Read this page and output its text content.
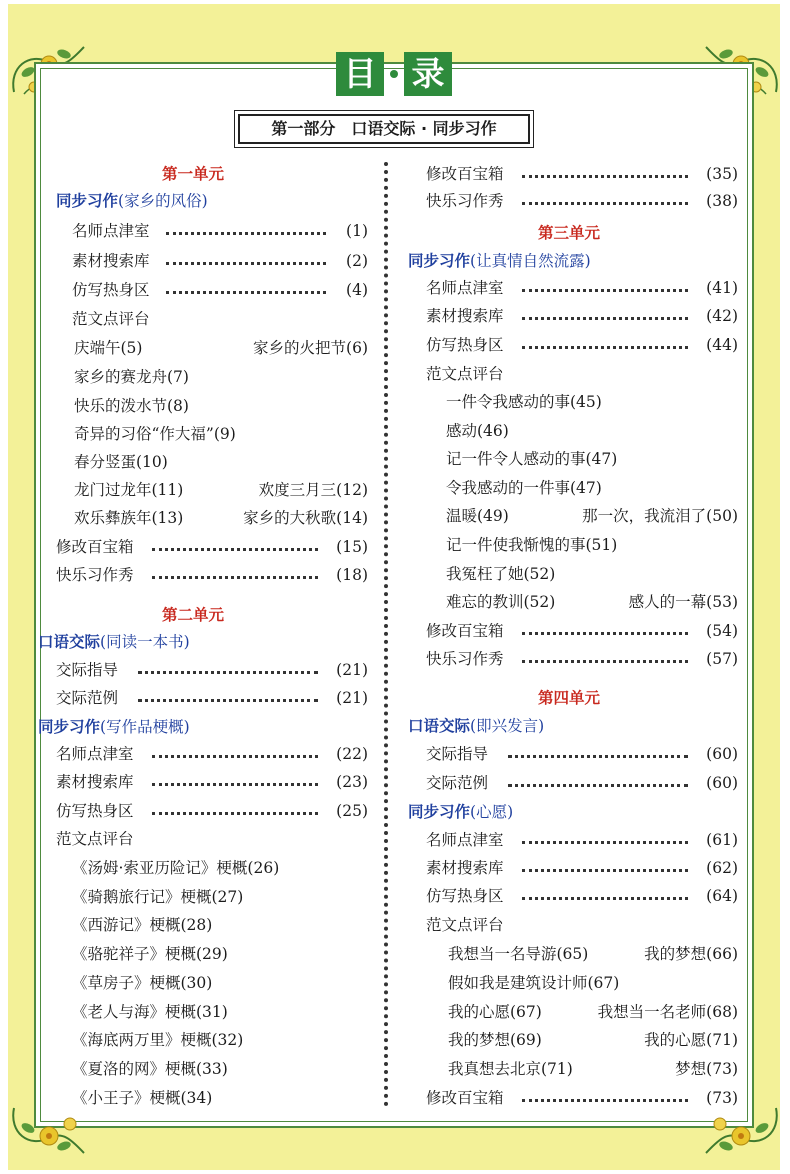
目 录
第一部分　口语交际 · 同步习作
第一单元
同步习作(家乡的风俗)
名师点津室	(1)
素材搜索库	(2)
仿写热身区	(4)
范文点评台
庆端午(5)	家乡的火把节(6)
家乡的赛龙舟(7)
快乐的泼水节(8)
奇异的习俗“作大福”(9)
春分竖蛋(10)
龙门过龙年(11)	欢度三月三(12)
欢乐彝族年(13)	家乡的大秋歌(14)
修改百宝箱	(15)
快乐习作秀	(18)
第二单元
口语交际(同读一本书)
交际指导	(21)
交际范例	(21)
同步习作(写作品梗概)
名师点津室	(22)
素材搜索库	(23)
仿写热身区	(25)
范文点评台
《汤姆·索亚历险记》梗概(26)
《骑鹅旅行记》梗概(27)
《西游记》梗概(28)
《骆驼祥子》梗概(29)
《草房子》梗概(30)
《老人与海》梗概(31)
《海底两万里》梗概(32)
《夏洛的网》梗概(33)
《小王子》梗概(34)
修改百宝箱	(35)
快乐习作秀	(38)
第三单元
同步习作(让真情自然流露)
名师点津室	(41)
素材搜索库	(42)
仿写热身区	(44)
范文点评台
一件令我感动的事(45)
感动(46)
记一件令人感动的事(47)
令我感动的一件事(47)
温暖(49)	那一次，我流泪了(50)
记一件使我惭愧的事(51)
我冤枉了她(52)
难忘的教训(52)	感人的一幕(53)
修改百宝箱	(54)
快乐习作秀	(57)
第四单元
口语交际(即兴发言)
交际指导	(60)
交际范例	(60)
同步习作(心愿)
名师点津室	(61)
素材搜索库	(62)
仿写热身区	(64)
范文点评台
我想当一名导游(65)	我的梦想(66)
假如我是建筑设计师(67)
我的心愿(67)	我想当一名老师(68)
我的梦想(69)	我的心愿(71)
我真想去北京(71)	梦想(73)
修改百宝箱	(73)
